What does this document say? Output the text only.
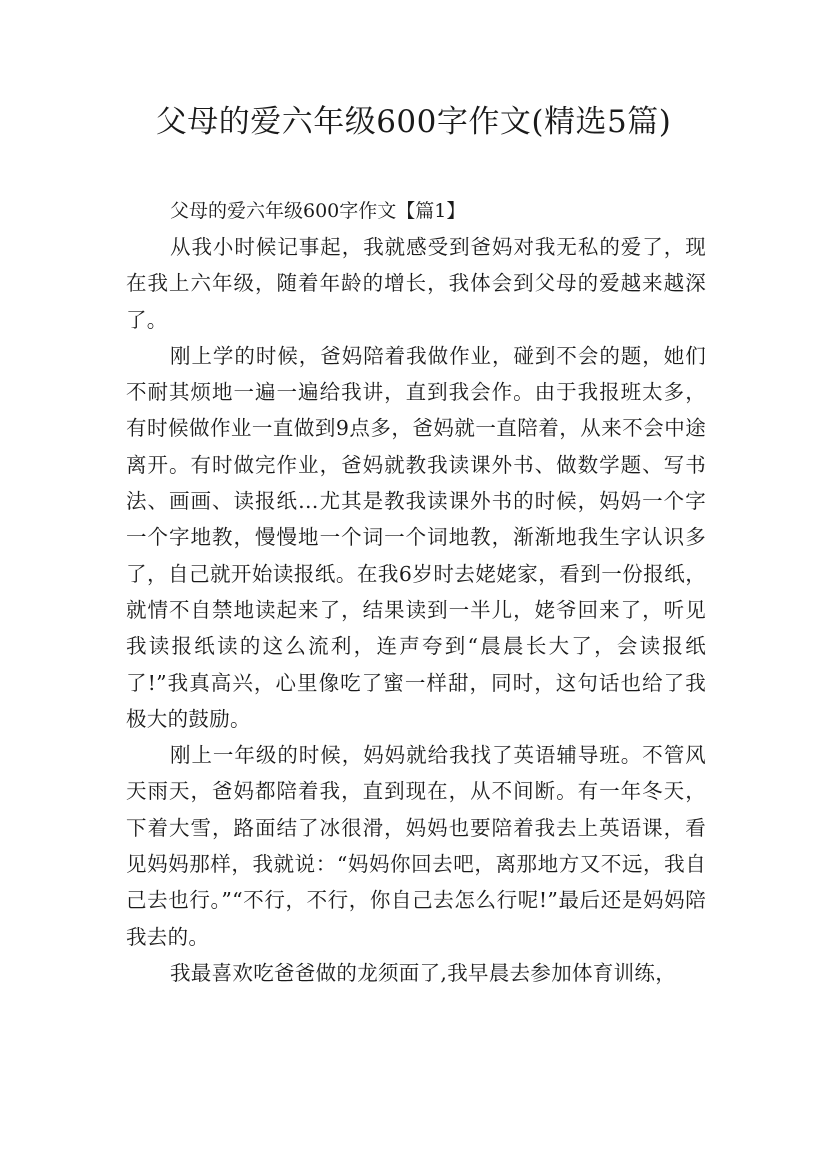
父母的爱六年级600字作文(精选5篇)
父母的爱六年级600字作文【篇1】

从我小时候记事起，我就感受到爸妈对我无私的爱了，现在我上六年级，随着年龄的增长，我体会到父母的爱越来越深了。

刚上学的时候，爸妈陪着我做作业，碰到不会的题，她们不耐其烦地一遍一遍给我讲，直到我会作。由于我报班太多，有时候做作业一直做到9点多，爸妈就一直陪着，从来不会中途离开。有时做完作业，爸妈就教我读课外书、做数学题、写书法、画画、读报纸…尤其是教我读课外书的时候，妈妈一个字一个字地教，慢慢地一个词一个词地教，渐渐地我生字认识多了，自己就开始读报纸。在我6岁时去姥姥家，看到一份报纸，就情不自禁地读起来了，结果读到一半儿，姥爷回来了，听见我读报纸读的这么流利，连声夸到“晨晨长大了，会读报纸了!”我真高兴，心里像吃了蜜一样甜，同时，这句话也给了我极大的鼓励。

刚上一年级的时候，妈妈就给我找了英语辅导班。不管风天雨天，爸妈都陪着我，直到现在，从不间断。有一年冬天，下着大雪，路面结了冰很滑，妈妈也要陪着我去上英语课，看见妈妈那样，我就说：“妈妈你回去吧，离那地方又不远，我自己去也行。”“不行，不行，你自己去怎么行呢!”最后还是妈妈陪我去的。

我最喜欢吃爸爸做的龙须面了,我早晨去参加体育训练，
